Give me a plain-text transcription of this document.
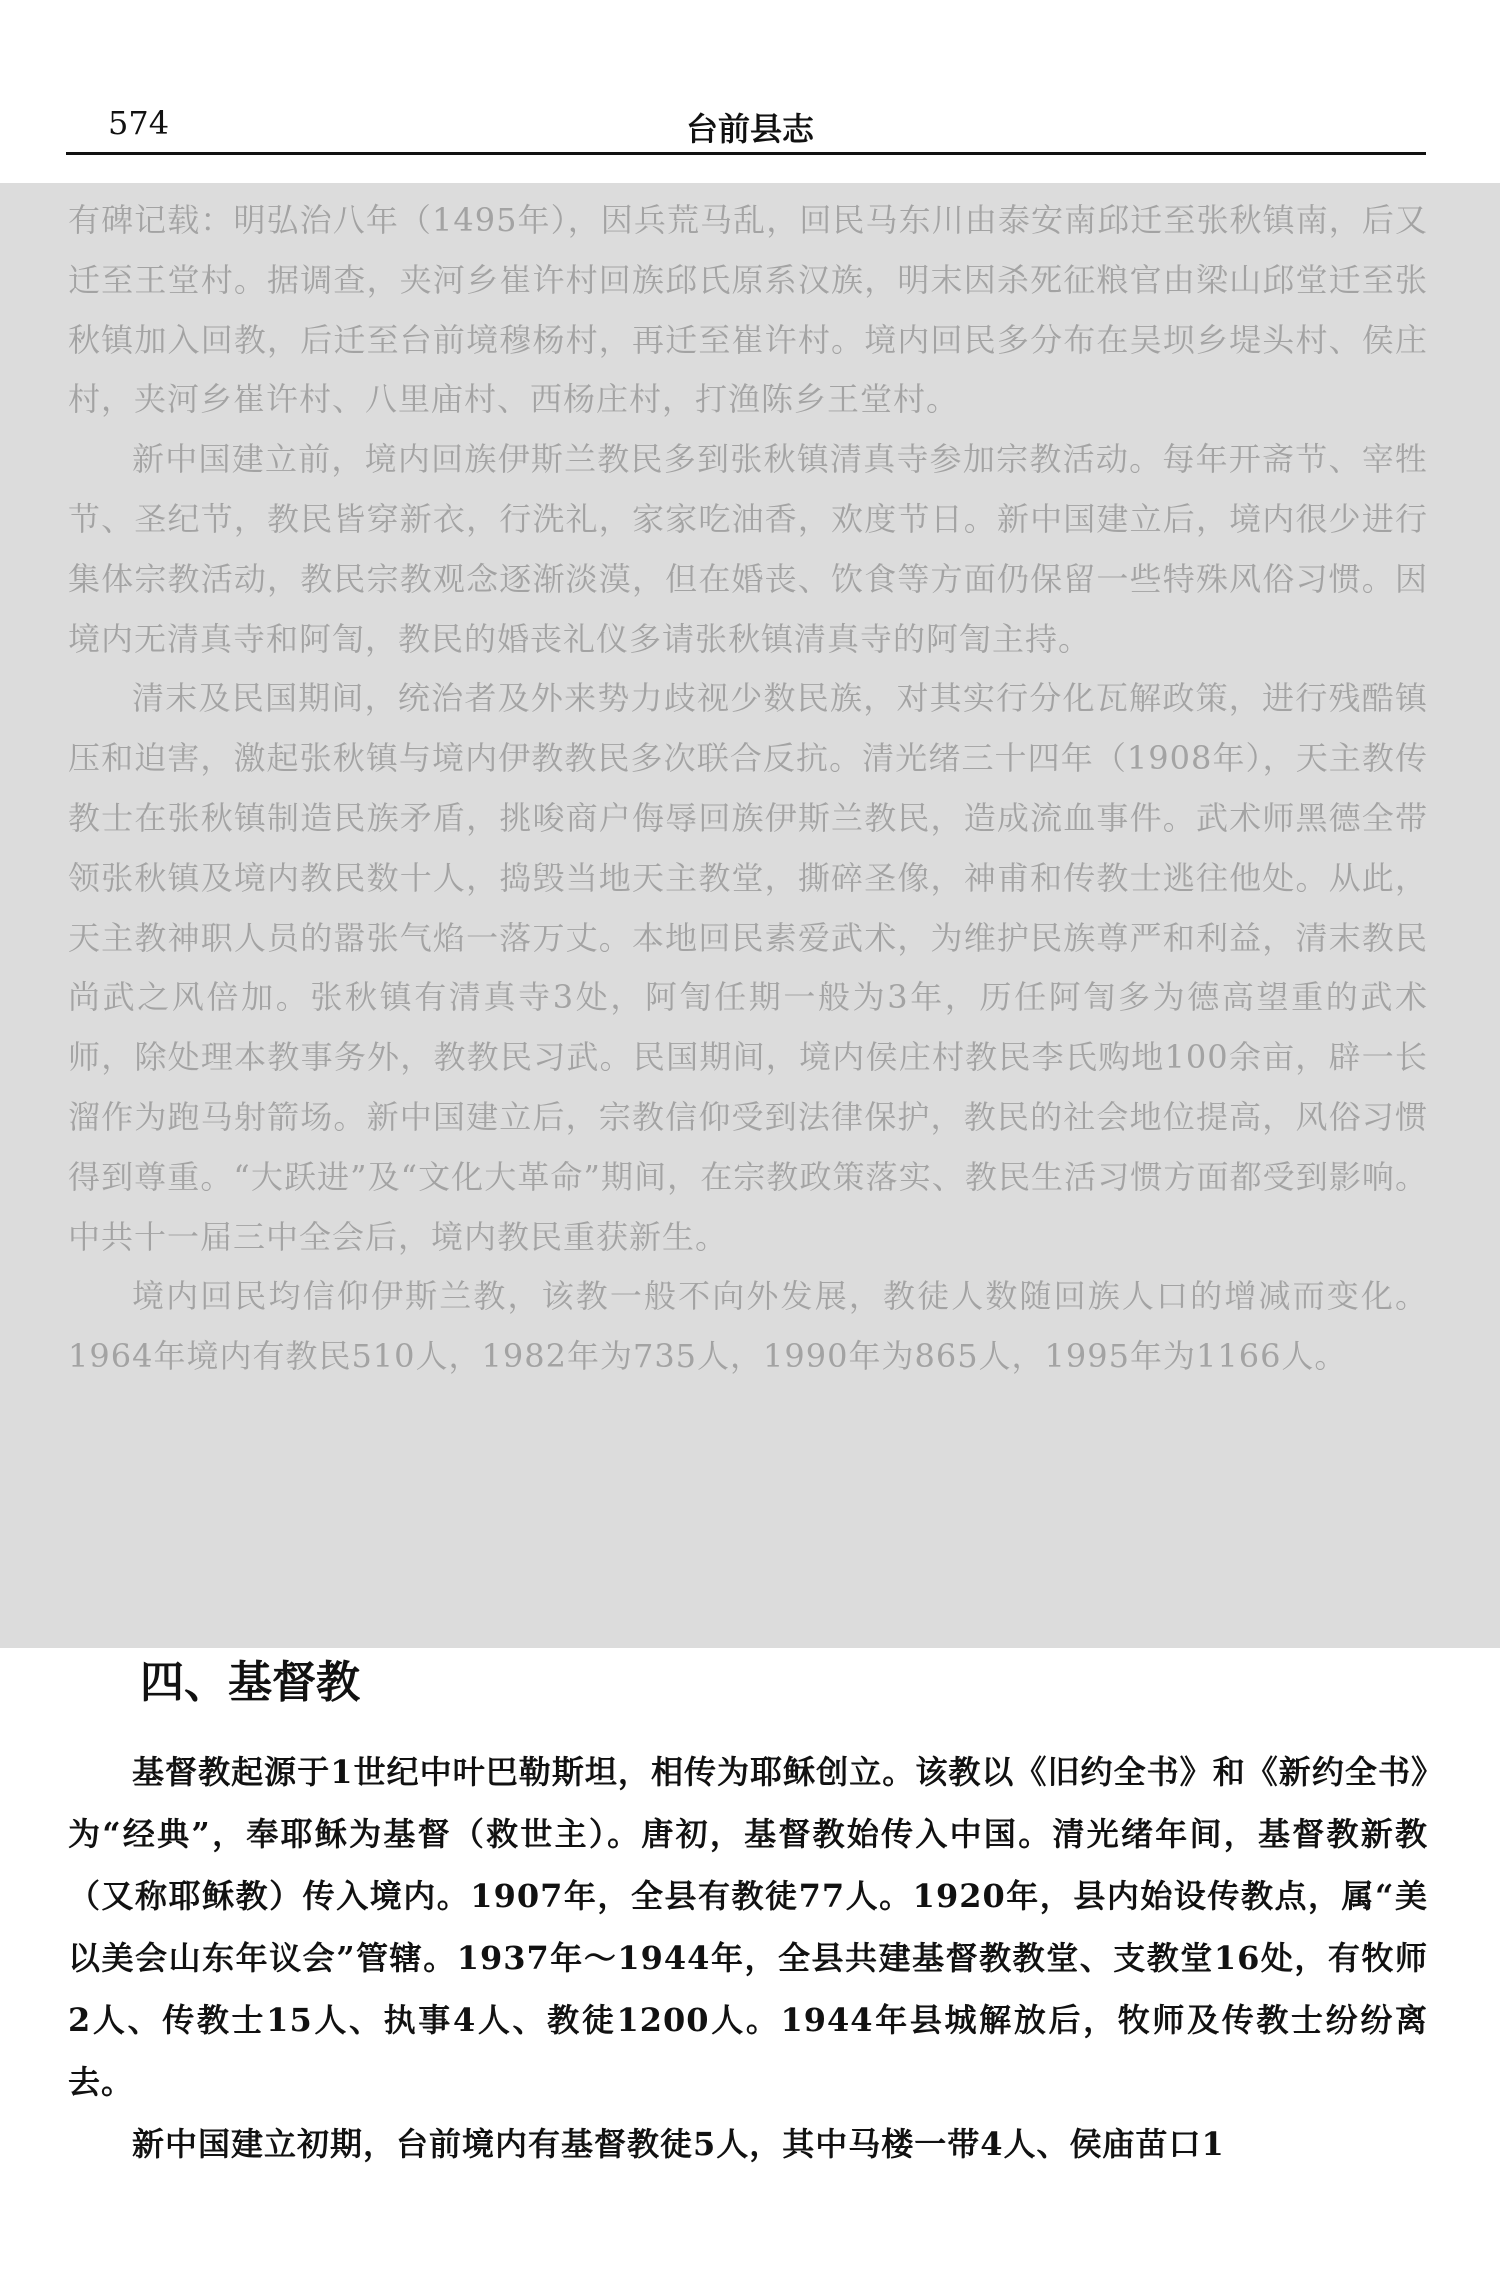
574	台前县志

有碑记载：明弘治八年（1495年），因兵荒马乱，回民马东川由泰安南邱迁至张秋镇南，后又迁至王堂村。据调查，夹河乡崔许村回族邱氏原系汉族，明末因杀死征粮官由梁山邱堂迁至张秋镇加入回教，后迁至台前境穆杨村，再迁至崔许村。境内回民多分布在吴坝乡堤头村、侯庄村，夹河乡崔许村、八里庙村、西杨庄村，打渔陈乡王堂村。

新中国建立前，境内回族伊斯兰教民多到张秋镇清真寺参加宗教活动。每年开斋节、宰牲节、圣纪节，教民皆穿新衣，行洗礼，家家吃油香，欢度节日。新中国建立后，境内很少进行集体宗教活动，教民宗教观念逐渐淡漠，但在婚丧、饮食等方面仍保留一些特殊风俗习惯。因境内无清真寺和阿訇，教民的婚丧礼仪多请张秋镇清真寺的阿訇主持。

清末及民国期间，统治者及外来势力歧视少数民族，对其实行分化瓦解政策，进行残酷镇压和迫害，激起张秋镇与境内伊教教民多次联合反抗。清光绪三十四年（1908年），天主教传教士在张秋镇制造民族矛盾，挑唆商户侮辱回族伊斯兰教民，造成流血事件。武术师黑德全带领张秋镇及境内教民数十人，捣毁当地天主教堂，撕碎圣像，神甫和传教士逃往他处。从此，天主教神职人员的嚣张气焰一落万丈。本地回民素爱武术，为维护民族尊严和利益，清末教民尚武之风倍加。张秋镇有清真寺3处，阿訇任期一般为3年，历任阿訇多为德高望重的武术师，除处理本教事务外，教教民习武。民国期间，境内侯庄村教民李氏购地100余亩，辟一长溜作为跑马射箭场。新中国建立后，宗教信仰受到法律保护，教民的社会地位提高，风俗习惯得到尊重。“大跃进”及“文化大革命”期间，在宗教政策落实、教民生活习惯方面都受到影响。中共十一届三中全会后，境内教民重获新生。

境内回民均信仰伊斯兰教，该教一般不向外发展，教徒人数随回族人口的增减而变化。1964年境内有教民510人，1982年为735人，1990年为865人，1995年为1166人。

四、基督教

基督教起源于1世纪中叶巴勒斯坦，相传为耶稣创立。该教以《旧约全书》和《新约全书》为“经典”，奉耶稣为基督（救世主）。唐初，基督教始传入中国。清光绪年间，基督教新教（又称耶稣教）传入境内。1907年，全县有教徒77人。1920年，县内始设传教点，属“美以美会山东年议会”管辖。1937年～1944年，全县共建基督教教堂、支教堂16处，有牧师2人、传教士15人、执事4人、教徒1200人。1944年县城解放后，牧师及传教士纷纷离去。

新中国建立初期，台前境内有基督教徒5人，其中马楼一带4人、侯庙苗口1
